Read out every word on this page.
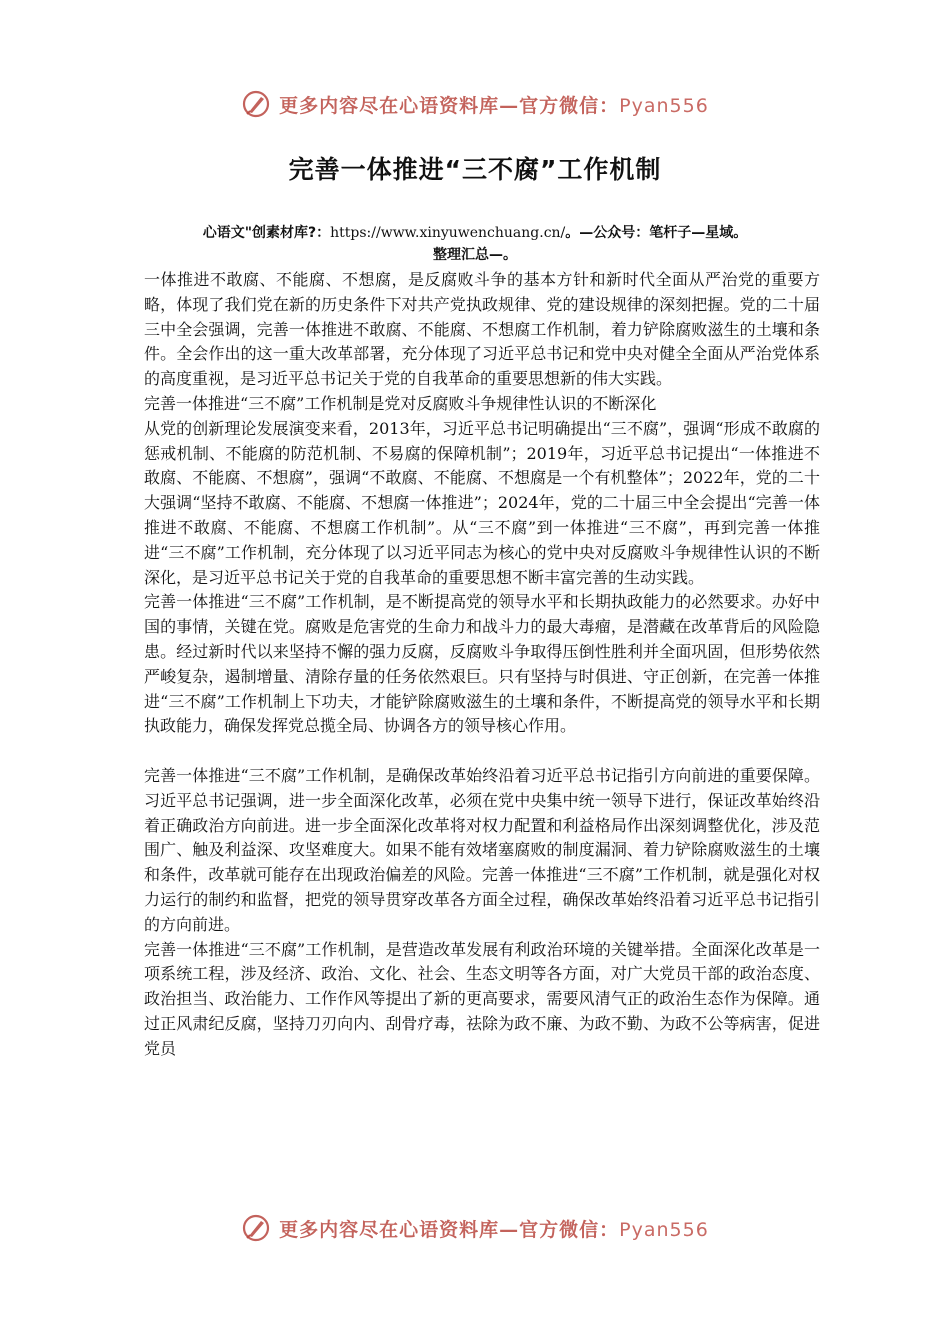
更多内容尽在心语资料库—官方微信：Pyan556
完善一体推进“三不腐”工作机制
心语文"创素材库?：https://www.xinyuwenchuang.cn/。—公众号：笔杆子—星域。
整理汇总—。

一体推进不敢腐、不能腐、不想腐，是反腐败斗争的基本方针和新时代全面从严治党的重要方略，体现了我们党在新的历史条件下对共产党执政规律、党的建设规律的深刻把握。党的二十届三中全会强调，完善一体推进不敢腐、不能腐、不想腐工作机制，着力铲除腐败滋生的土壤和条件。全会作出的这一重大改革部署，充分体现了习近平总书记和党中央对健全全面从严治党体系的高度重视，是习近平总书记关于党的自我革命的重要思想新的伟大实践。

完善一体推进“三不腐”工作机制是党对反腐败斗争规律性认识的不断深化

从党的创新理论发展演变来看，2013年，习近平总书记明确提出“三不腐”，强调“形成不敢腐的惩戒机制、不能腐的防范机制、不易腐的保障机制”；2019年，习近平总书记提出“一体推进不敢腐、不能腐、不想腐”，强调“不敢腐、不能腐、不想腐是一个有机整体”；2022年，党的二十大强调“坚持不敢腐、不能腐、不想腐一体推进”；2024年，党的二十届三中全会提出“完善一体推进不敢腐、不能腐、不想腐工作机制”。从“三不腐”到一体推进“三不腐”，再到完善一体推进“三不腐”工作机制，充分体现了以习近平同志为核心的党中央对反腐败斗争规律性认识的不断深化，是习近平总书记关于党的自我革命的重要思想不断丰富完善的生动实践。

完善一体推进“三不腐”工作机制，是不断提高党的领导水平和长期执政能力的必然要求。办好中国的事情，关键在党。腐败是危害党的生命力和战斗力的最大毒瘤，是潜藏在改革背后的风险隐患。经过新时代以来坚持不懈的强力反腐，反腐败斗争取得压倒性胜利并全面巩固，但形势依然严峻复杂，遏制增量、清除存量的任务依然艰巨。只有坚持与时俱进、守正创新，在完善一体推进“三不腐”工作机制上下功夫，才能铲除腐败滋生的土壤和条件，不断提高党的领导水平和长期执政能力，确保发挥党总揽全局、协调各方的领导核心作用。

完善一体推进“三不腐”工作机制，是确保改革始终沿着习近平总书记指引方向前进的重要保障。习近平总书记强调，进一步全面深化改革，必须在党中央集中统一领导下进行，保证改革始终沿着正确政治方向前进。进一步全面深化改革将对权力配置和利益格局作出深刻调整优化，涉及范围广、触及利益深、攻坚难度大。如果不能有效堵塞腐败的制度漏洞、着力铲除腐败滋生的土壤和条件，改革就可能存在出现政治偏差的风险。完善一体推进“三不腐”工作机制，就是强化对权力运行的制约和监督，把党的领导贯穿改革各方面全过程，确保改革始终沿着习近平总书记指引的方向前进。

完善一体推进“三不腐”工作机制，是营造改革发展有利政治环境的关键举措。全面深化改革是一项系统工程，涉及经济、政治、文化、社会、生态文明等各方面，对广大党员干部的政治态度、政治担当、政治能力、工作作风等提出了新的更高要求，需要风清气正的政治生态作为保障。通过正风肃纪反腐，坚持刀刃向内、刮骨疗毒，祛除为政不廉、为政不勤、为政不公等病害，促进党员

更多内容尽在心语资料库—官方微信：Pyan556
